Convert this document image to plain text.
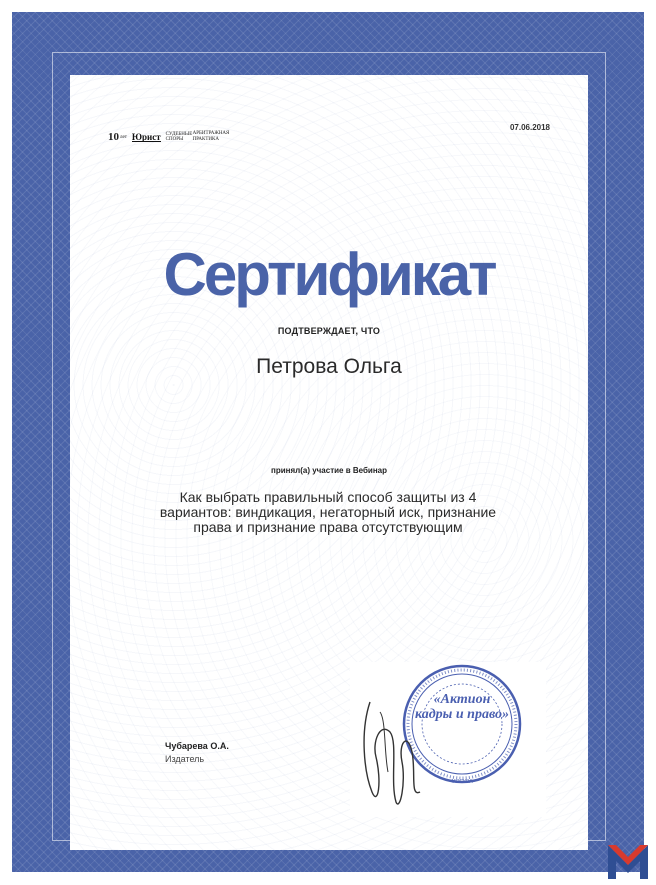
10лет Юрист СУДЕБНЫЕ СПОРЫ
АРБИТРАЖНАЯ ПРАКТИКА
07.06.2018
Сертификат
ПОДТВЕРЖДАЕТ, ЧТО
Петрова Ольга
принял(а) участие в Вебинар
Как выбрать правильный способ защиты из 4 вариантов: виндикация, негаторный иск, признание права и признание права отсутствующим
Чубарева О.А.
Издатель
«Актион кадры и право»
МОСКВА
